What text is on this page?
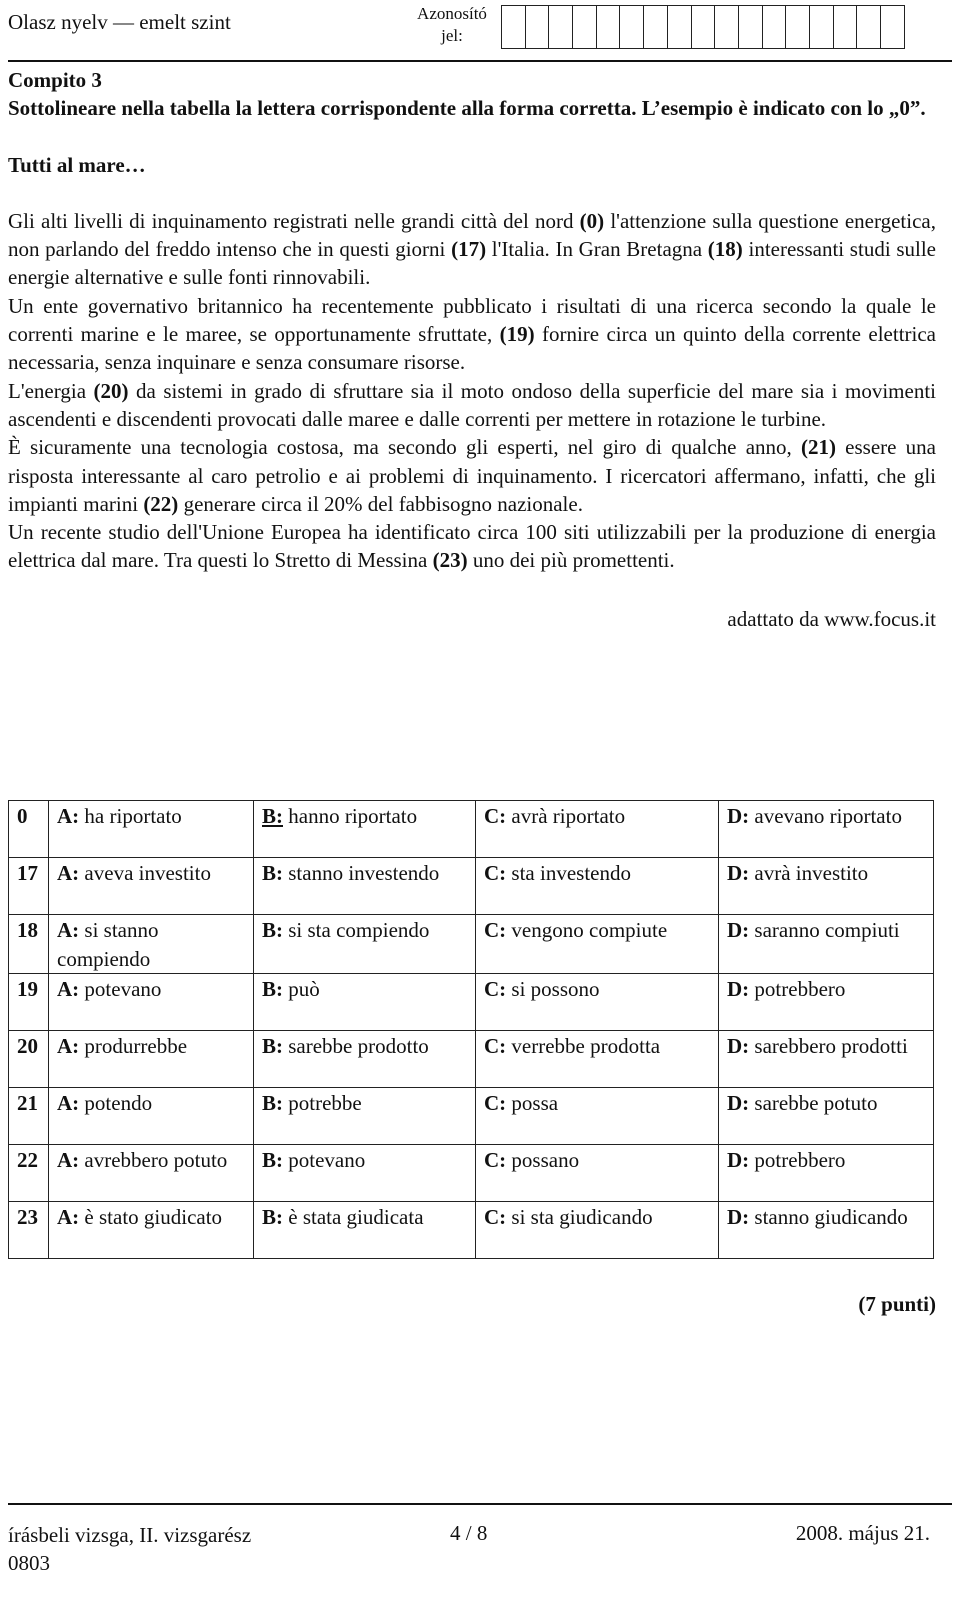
Olasz nyelv — emelt szint	Azonosító
jel:
Compito 3
Sottolineare nella tabella la lettera corrispondente alla forma corretta. L’esempio è indicato con lo „0”.
Tutti al mare…

Gli alti livelli di inquinamento registrati nelle grandi città del nord (0) l'attenzione sulla questione energetica, non parlando del freddo intenso che in questi giorni (17) l'Italia. In Gran Bretagna (18) interessanti studi sulle energie alternative e sulle fonti rinnovabili.

Un ente governativo britannico ha recentemente pubblicato i risultati di una ricerca secondo la quale le correnti marine e le maree, se opportunamente sfruttate, (19) fornire circa un quinto della corrente elettrica necessaria, senza inquinare e senza consumare risorse.

L'energia (20) da sistemi in grado di sfruttare sia il moto ondoso della superficie del mare sia i movimenti ascendenti e discendenti provocati dalle maree e dalle correnti per mettere in rotazione le turbine.

È sicuramente una tecnologia costosa, ma secondo gli esperti, nel giro di qualche anno, (21) essere una risposta interessante al caro petrolio e ai problemi di inquinamento. I ricercatori affermano, infatti, che gli impianti marini (22) generare circa il 20% del fabbisogno nazionale.

Un recente studio dell'Unione Europea ha identificato circa 100 siti utilizzabili per la produzione di energia elettrica dal mare. Tra questi lo Stretto di Messina (23) uno dei più promettenti.

adattato da www.focus.it
0	A: ha riportato	B: hanno riportato	C: avrà riportato	D: avevano riportato
17	A: aveva investito	B: stanno investendo	C: sta investendo	D: avrà investito
18	A: si stanno compiendo	B: si sta compiendo	C: vengono compiute	D: saranno compiuti
19	A: potevano	B: può	C: si possono	D: potrebbero
20	A: produrrebbe	B: sarebbe prodotto	C: verrebbe prodotta	D: sarebbero prodotti
21	A: potendo	B: potrebbe	C: possa	D: sarebbe potuto
22	A: avrebbero potuto	B: potevano	C: possano	D: potrebbero
23	A: è stato giudicato	B: è stata giudicata	C: si sta giudicando	D: stanno giudicando
(7 punti)
írásbeli vizsga, II. vizsgarész
0803
4 / 8	2008. május 21.
